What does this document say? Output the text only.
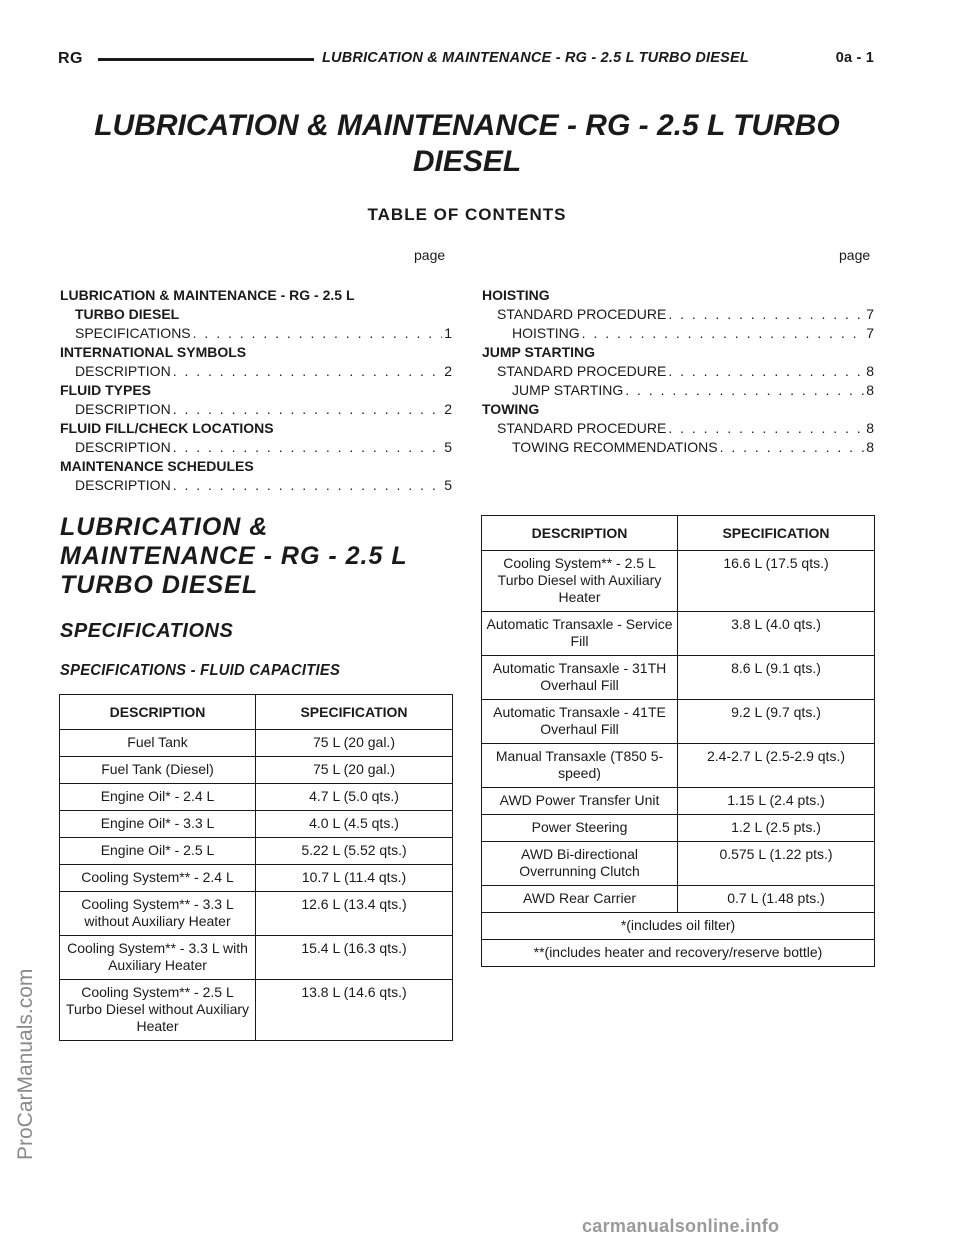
RG	LUBRICATION & MAINTENANCE - RG - 2.5 L TURBO DIESEL	0a - 1
LUBRICATION & MAINTENANCE - RG - 2.5 L TURBO DIESEL
TABLE OF CONTENTS
page	page
LUBRICATION & MAINTENANCE - RG - 2.5 L
TURBO DIESEL
SPECIFICATIONS . . .	1
INTERNATIONAL SYMBOLS
DESCRIPTION . . .	2
FLUID TYPES
DESCRIPTION . . .	2
FLUID FILL/CHECK LOCATIONS
DESCRIPTION . . .	5
MAINTENANCE SCHEDULES
DESCRIPTION . . .	5
HOISTING
STANDARD PROCEDURE . . .	7
HOISTING . . .	7
JUMP STARTING
STANDARD PROCEDURE . . .	8
JUMP STARTING . . .	8
TOWING
STANDARD PROCEDURE . . .	8
TOWING RECOMMENDATIONS . . .	8
LUBRICATION & MAINTENANCE - RG - 2.5 L TURBO DIESEL
SPECIFICATIONS
SPECIFICATIONS - FLUID CAPACITIES
DESCRIPTION	SPECIFICATION
Fuel Tank	75 L (20 gal.)
Fuel Tank (Diesel)	75 L (20 gal.)
Engine Oil* - 2.4 L	4.7 L (5.0 qts.)
Engine Oil* - 3.3 L	4.0 L (4.5 qts.)
Engine Oil* - 2.5 L	5.22 L (5.52 qts.)
Cooling System** - 2.4 L	10.7 L (11.4 qts.)
Cooling System** - 3.3 L without Auxiliary Heater	12.6 L (13.4 qts.)
Cooling System** - 3.3 L with Auxiliary Heater	15.4 L (16.3 qts.)
Cooling System** - 2.5 L Turbo Diesel without Auxiliary Heater	13.8 L (14.6 qts.)
DESCRIPTION	SPECIFICATION
Cooling System** - 2.5 L Turbo Diesel with Auxiliary Heater	16.6 L (17.5 qts.)
Automatic Transaxle - Service Fill	3.8 L (4.0 qts.)
Automatic Transaxle - 31TH Overhaul Fill	8.6 L (9.1 qts.)
Automatic Transaxle - 41TE Overhaul Fill	9.2 L (9.7 qts.)
Manual Transaxle (T850 5-speed)	2.4-2.7 L (2.5-2.9 qts.)
AWD Power Transfer Unit	1.15 L (2.4 pts.)
Power Steering	1.2 L (2.5 pts.)
AWD Bi-directional Overrunning Clutch	0.575 L (1.22 pts.)
AWD Rear Carrier	0.7 L (1.48 pts.)
*(includes oil filter)	
**(includes heater and recovery/reserve bottle)	
ProCarManuals.com
carmanualsonline.info
